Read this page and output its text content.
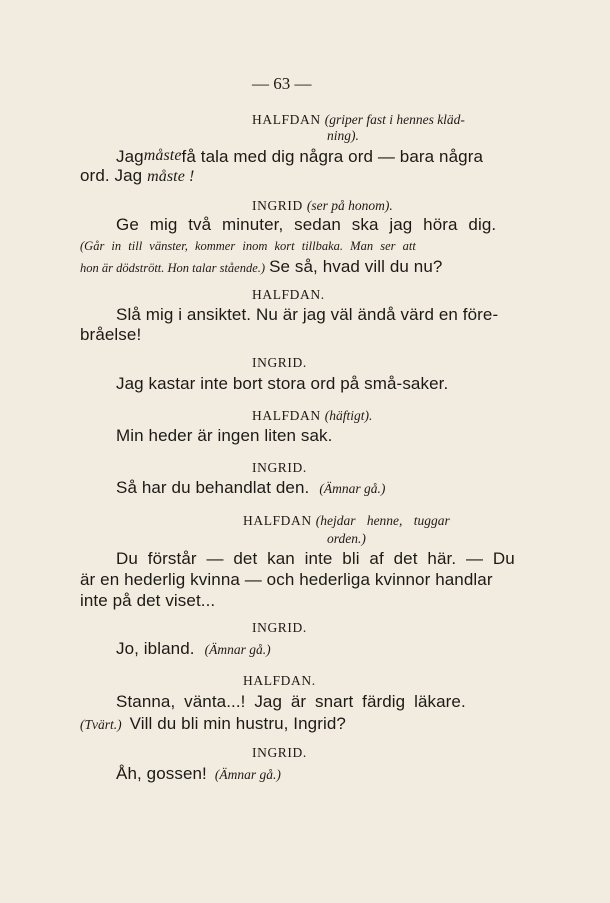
— 63 —
HALFDAN (griper fast i hennes kläd-
ning).
Jag måste få tala med dig några ord — bara några
ord. Jag måste !
INGRID (ser på honom).
Ge mig två minuter, sedan ska jag höra dig.
(Går in till vänster, kommer inom kort tillbaka. Man ser att
hon är dödstrött. Hon talar stående.) Se så, hvad vill du nu?
HALFDAN.
Slå mig i ansiktet. Nu är jag väl ändå värd en före-
bråelse!
INGRID.
Jag kastar inte bort stora ord på små-saker.
HALFDAN (häftigt).
Min heder är ingen liten sak.
INGRID.
Så har du behandlat den. (Ämnar gå.)
HALFDAN (hejdar henne, tuggar
orden.)
Du förstår — det kan inte bli af det här. — Du
är en hederlig kvinna — och hederliga kvinnor handlar
inte på det viset...
INGRID.
Jo, ibland. (Ämnar gå.)
HALFDAN.
Stanna, vänta...! Jag är snart färdig läkare.
(Tvärt.) Vill du bli min hustru, Ingrid?
INGRID.
Åh, gossen! (Ämnar gå.)
